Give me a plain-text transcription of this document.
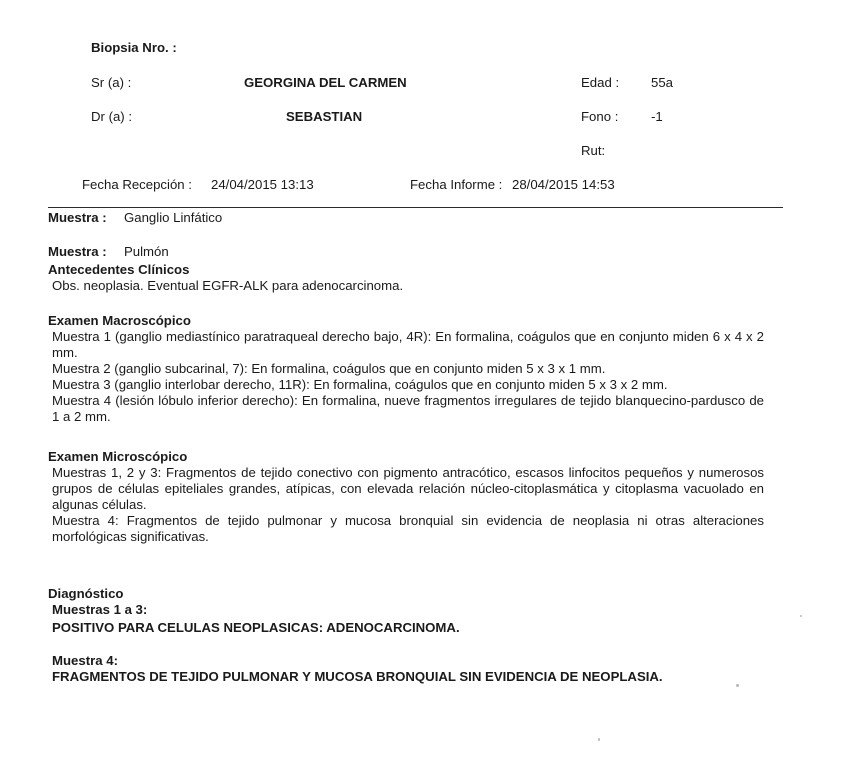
Biopsia Nro. :
Sr (a) :	GEORGINA DEL CARMEN	Edad : 55a
Dr (a) :	SEBASTIAN	Fono : -1
Rut:
Fecha Recepción : 24/04/2015 13:13	Fecha Informe : 28/04/2015 14:53
Muestra : Ganglio Linfático
Muestra : Pulmón
Antecedentes Clínicos
Obs. neoplasia. Eventual EGFR-ALK para adenocarcinoma.
Examen Macroscópico

Muestra 1 (ganglio mediastínico paratraqueal derecho bajo, 4R): En formalina, coágulos que en conjunto miden 6 x 4 x 2 mm.

Muestra 2 (ganglio subcarinal, 7): En formalina, coágulos que en conjunto miden 5 x 3 x 1 mm.

Muestra 3 (ganglio interlobar derecho, 11R): En formalina, coágulos que en conjunto miden 5 x 3 x 2 mm.

Muestra 4 (lesión lóbulo inferior derecho): En formalina, nueve fragmentos irregulares de tejido blanquecino-pardusco de 1 a 2 mm.

Examen Microscópico

Muestras 1, 2 y 3: Fragmentos de tejido conectivo con pigmento antracótico, escasos linfocitos pequeños y numerosos grupos de células epiteliales grandes, atípicas, con elevada relación núcleo-citoplasmática y citoplasma vacuolado en algunas células.

Muestra 4: Fragmentos de tejido pulmonar y mucosa bronquial sin evidencia de neoplasia ni otras alteraciones morfológicas significativas.

Diagnóstico
Muestras 1 a 3:
POSITIVO PARA CELULAS NEOPLASICAS: ADENOCARCINOMA.
Muestra 4:
FRAGMENTOS DE TEJIDO PULMONAR Y MUCOSA BRONQUIAL SIN EVIDENCIA DE NEOPLASIA.
